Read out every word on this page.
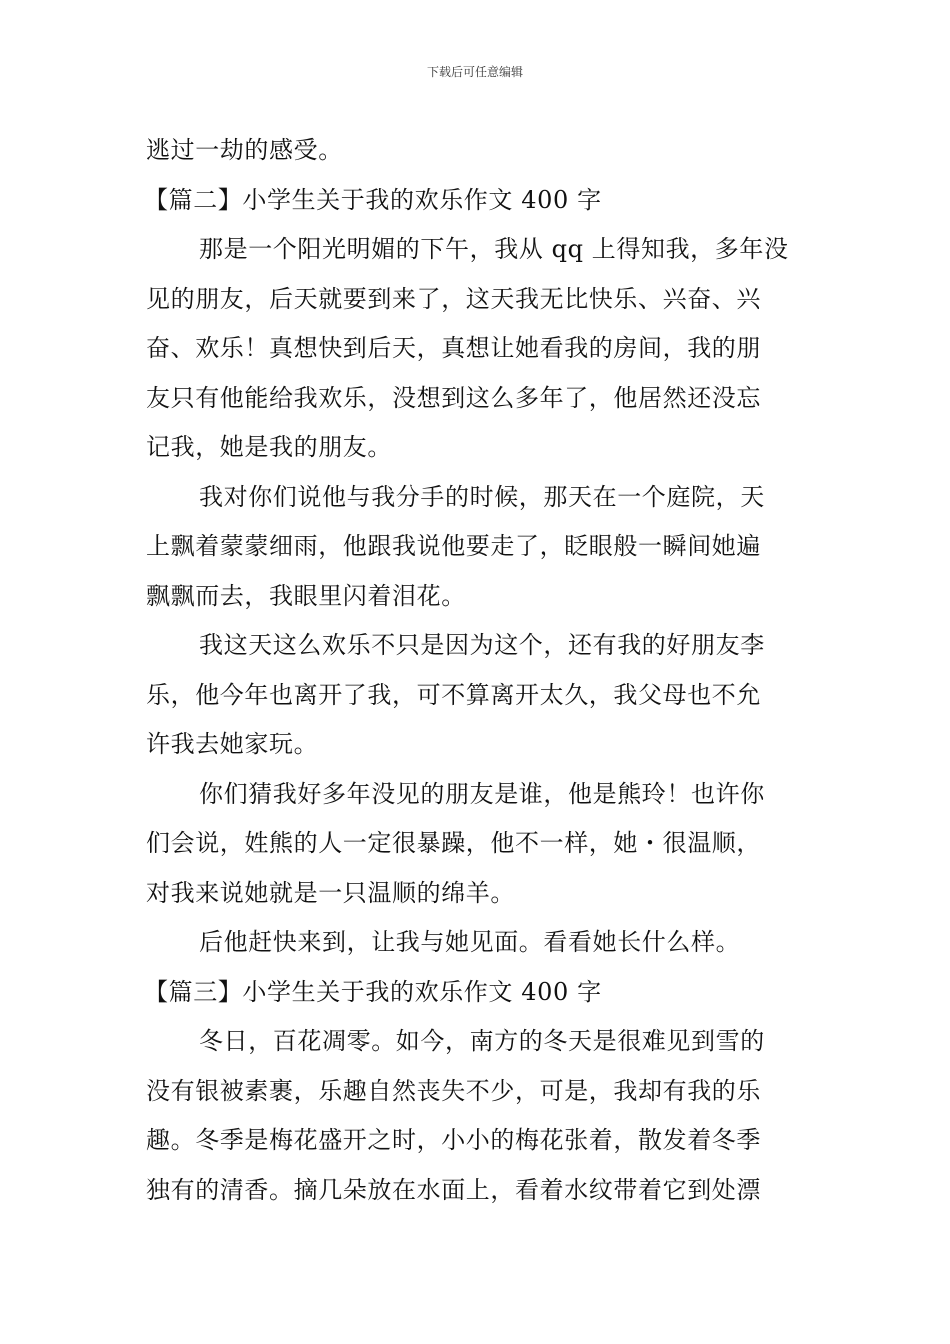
下载后可任意编辑
逃过一劫的感受。
【篇二】小学生关于我的欢乐作文 400 字
那是一个阳光明媚的下午，我从 qq 上得知我，多年没
见的朋友，后天就要到来了，这天我无比快乐、兴奋、兴
奋、欢乐！真想快到后天，真想让她看我的房间，我的朋
友只有他能给我欢乐，没想到这么多年了，他居然还没忘
记我，她是我的朋友。
我对你们说他与我分手的时候，那天在一个庭院，天
上飘着蒙蒙细雨，他跟我说他要走了，眨眼般一瞬间她遍
飘飘而去，我眼里闪着泪花。
我这天这么欢乐不只是因为这个，还有我的好朋友李
乐，他今年也离开了我，可不算离开太久，我父母也不允
许我去她家玩。
你们猜我好多年没见的朋友是谁，他是熊玲！也许你
们会说，姓熊的人一定很暴躁，他不一样，她・很温顺，
对我来说她就是一只温顺的绵羊。
后他赶快来到，让我与她见面。看看她长什么样。
【篇三】小学生关于我的欢乐作文 400 字
冬日，百花凋零。如今，南方的冬天是很难见到雪的
没有银被素裹，乐趣自然丧失不少，可是，我却有我的乐
趣。冬季是梅花盛开之时，小小的梅花张着，散发着冬季
独有的清香。摘几朵放在水面上，看着水纹带着它到处漂
